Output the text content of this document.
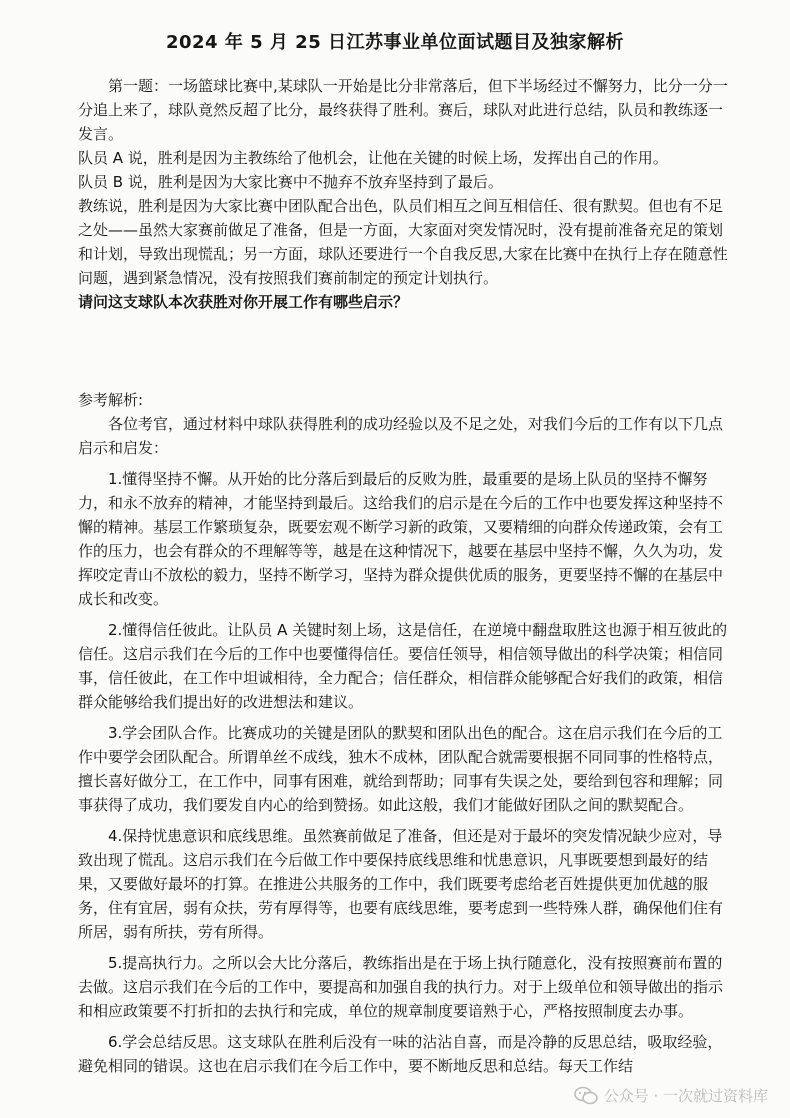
2024 年 5 月 25 日江苏事业单位面试题目及独家解析

第一题：一场篮球比赛中,某球队一开始是比分非常落后，但下半场经过不懈努力，比分一分一分追上来了，球队竟然反超了比分，最终获得了胜利。赛后，球队对此进行总结，队员和教练逐一发言。

队员 A 说，胜利是因为主教练给了他机会，让他在关键的时候上场，发挥出自己的作用。

队员 B 说，胜利是因为大家比赛中不抛弃不放弃坚持到了最后。

教练说，胜利是因为大家比赛中团队配合出色，队员们相互之间互相信任、很有默契。但也有不足之处——虽然大家赛前做足了准备，但是一方面，大家面对突发情况时，没有提前准备充足的策划和计划，导致出现慌乱；另一方面，球队还要进行一个自我反思,大家在比赛中在执行上存在随意性问题，遇到紧急情况，没有按照我们赛前制定的预定计划执行。

请问这支球队本次获胜对你开展工作有哪些启示？

参考解析:

各位考官，通过材料中球队获得胜利的成功经验以及不足之处，对我们今后的工作有以下几点启示和启发：

1.懂得坚持不懈。从开始的比分落后到最后的反败为胜，最重要的是场上队员的坚持不懈努力，和永不放弃的精神，才能坚持到最后。这给我们的启示是在今后的工作中也要发挥这种坚持不懈的精神。基层工作繁琐复杂，既要宏观不断学习新的政策，又要精细的向群众传递政策，会有工作的压力，也会有群众的不理解等等，越是在这种情况下，越要在基层中坚持不懈，久久为功，发挥咬定青山不放松的毅力，坚持不断学习，坚持为群众提供优质的服务，更要坚持不懈的在基层中成长和改变。

2.懂得信任彼此。让队员 A 关键时刻上场，这是信任，在逆境中翻盘取胜这也源于相互彼此的信任。这启示我们在今后的工作中也要懂得信任。要信任领导，相信领导做出的科学决策；相信同事，信任彼此，在工作中坦诚相待，全力配合；信任群众，相信群众能够配合好我们的政策，相信群众能够给我们提出好的改进想法和建议。

3.学会团队合作。比赛成功的关键是团队的默契和团队出色的配合。这在启示我们在今后的工作中要学会团队配合。所谓单丝不成线，独木不成林，团队配合就需要根据不同同事的性格特点，擅长喜好做分工，在工作中，同事有困难，就给到帮助；同事有失误之处，要给到包容和理解；同事获得了成功，我们要发自内心的给到赞扬。如此这般，我们才能做好团队之间的默契配合。

4.保持忧患意识和底线思维。虽然赛前做足了准备，但还是对于最坏的突发情况缺少应对，导致出现了慌乱。这启示我们在今后做工作中要保持底线思维和忧患意识，凡事既要想到最好的结果，又要做好最坏的打算。在推进公共服务的工作中，我们既要考虑给老百姓提供更加优越的服务，住有宜居，弱有众扶，劳有厚得等，也要有底线思维，要考虑到一些特殊人群，确保他们住有所居，弱有所扶，劳有所得。

5.提高执行力。之所以会大比分落后，教练指出是在于场上执行随意化，没有按照赛前布置的去做。这启示我们在今后的工作中，要提高和加强自我的执行力。对于上级单位和领导做出的指示和相应政策要不打折扣的去执行和完成，单位的规章制度要谙熟于心，严格按照制度去办事。

6.学会总结反思。这支球队在胜利后没有一味的沾沾自喜，而是冷静的反思总结，吸取经验，避免相同的错误。这也在启示我们在今后工作中，要不断地反思和总结。每天工作结

公众号 · 一次就过资料库
